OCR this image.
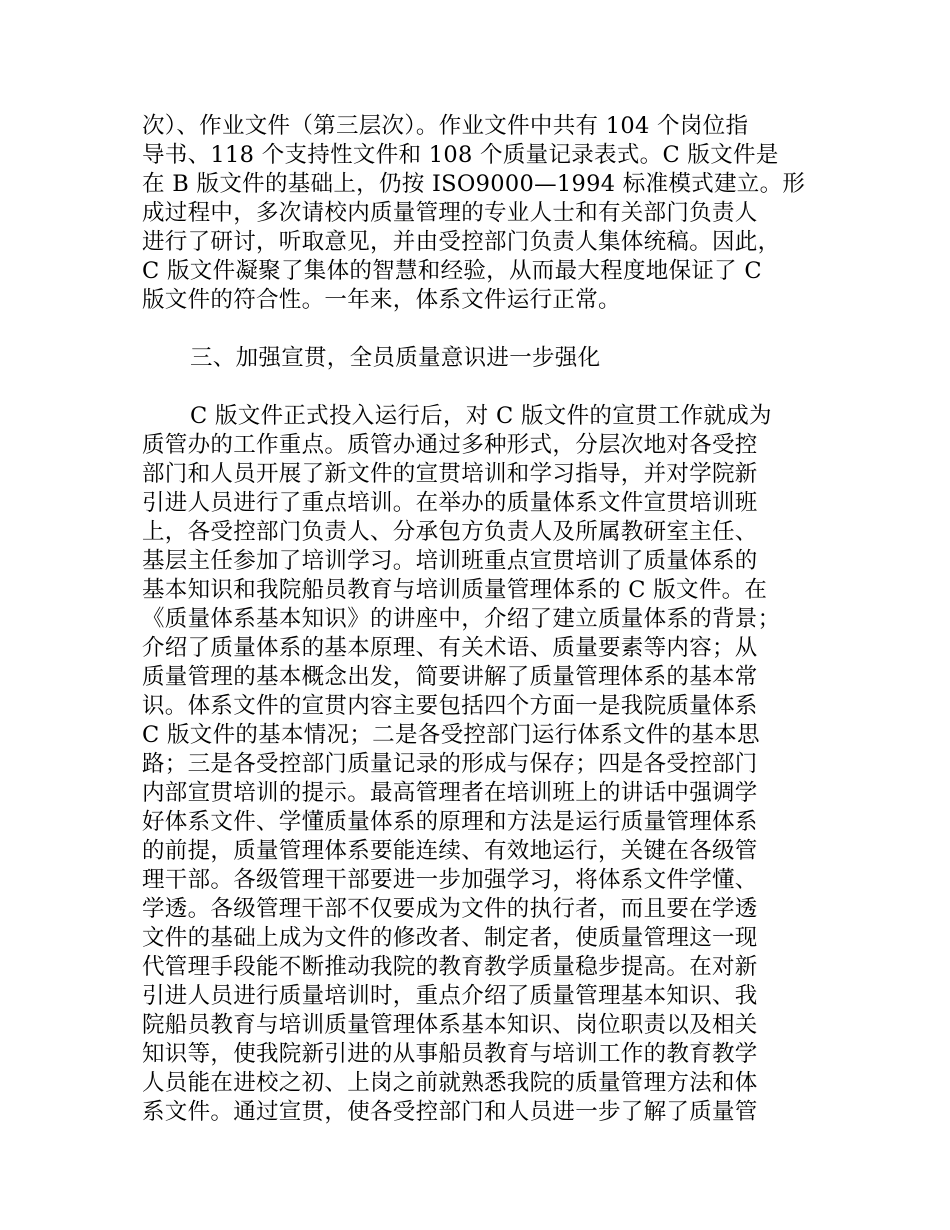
次）、作业文件（第三层次）。作业文件中共有 104 个岗位指
导书、118 个支持性文件和 108 个质量记录表式。C 版文件是
在 B 版文件的基础上，仍按 ISO9000—1994 标准模式建立。形
成过程中，多次请校内质量管理的专业人士和有关部门负责人
进行了研讨，听取意见，并由受控部门负责人集体统稿。因此，
C 版文件凝聚了集体的智慧和经验，从而最大程度地保证了 C
版文件的符合性。一年来，体系文件运行正常。
三、加强宣贯，全员质量意识进一步强化
C 版文件正式投入运行后，对 C 版文件的宣贯工作就成为
质管办的工作重点。质管办通过多种形式，分层次地对各受控
部门和人员开展了新文件的宣贯培训和学习指导，并对学院新
引进人员进行了重点培训。在举办的质量体系文件宣贯培训班
上，各受控部门负责人、分承包方负责人及所属教研室主任、
基层主任参加了培训学习。培训班重点宣贯培训了质量体系的
基本知识和我院船员教育与培训质量管理体系的 C 版文件。在
《质量体系基本知识》的讲座中，介绍了建立质量体系的背景；
介绍了质量体系的基本原理、有关术语、质量要素等内容；从
质量管理的基本概念出发，简要讲解了质量管理体系的基本常
识。体系文件的宣贯内容主要包括四个方面一是我院质量体系
C 版文件的基本情况；二是各受控部门运行体系文件的基本思
路；三是各受控部门质量记录的形成与保存；四是各受控部门
内部宣贯培训的提示。最高管理者在培训班上的讲话中强调学
好体系文件、学懂质量体系的原理和方法是运行质量管理体系
的前提，质量管理体系要能连续、有效地运行，关键在各级管
理干部。各级管理干部要进一步加强学习，将体系文件学懂、
学透。各级管理干部不仅要成为文件的执行者，而且要在学透
文件的基础上成为文件的修改者、制定者，使质量管理这一现
代管理手段能不断推动我院的教育教学质量稳步提高。在对新
引进人员进行质量培训时，重点介绍了质量管理基本知识、我
院船员教育与培训质量管理体系基本知识、岗位职责以及相关
知识等，使我院新引进的从事船员教育与培训工作的教育教学
人员能在进校之初、上岗之前就熟悉我院的质量管理方法和体
系文件。通过宣贯，使各受控部门和人员进一步了解了质量管
